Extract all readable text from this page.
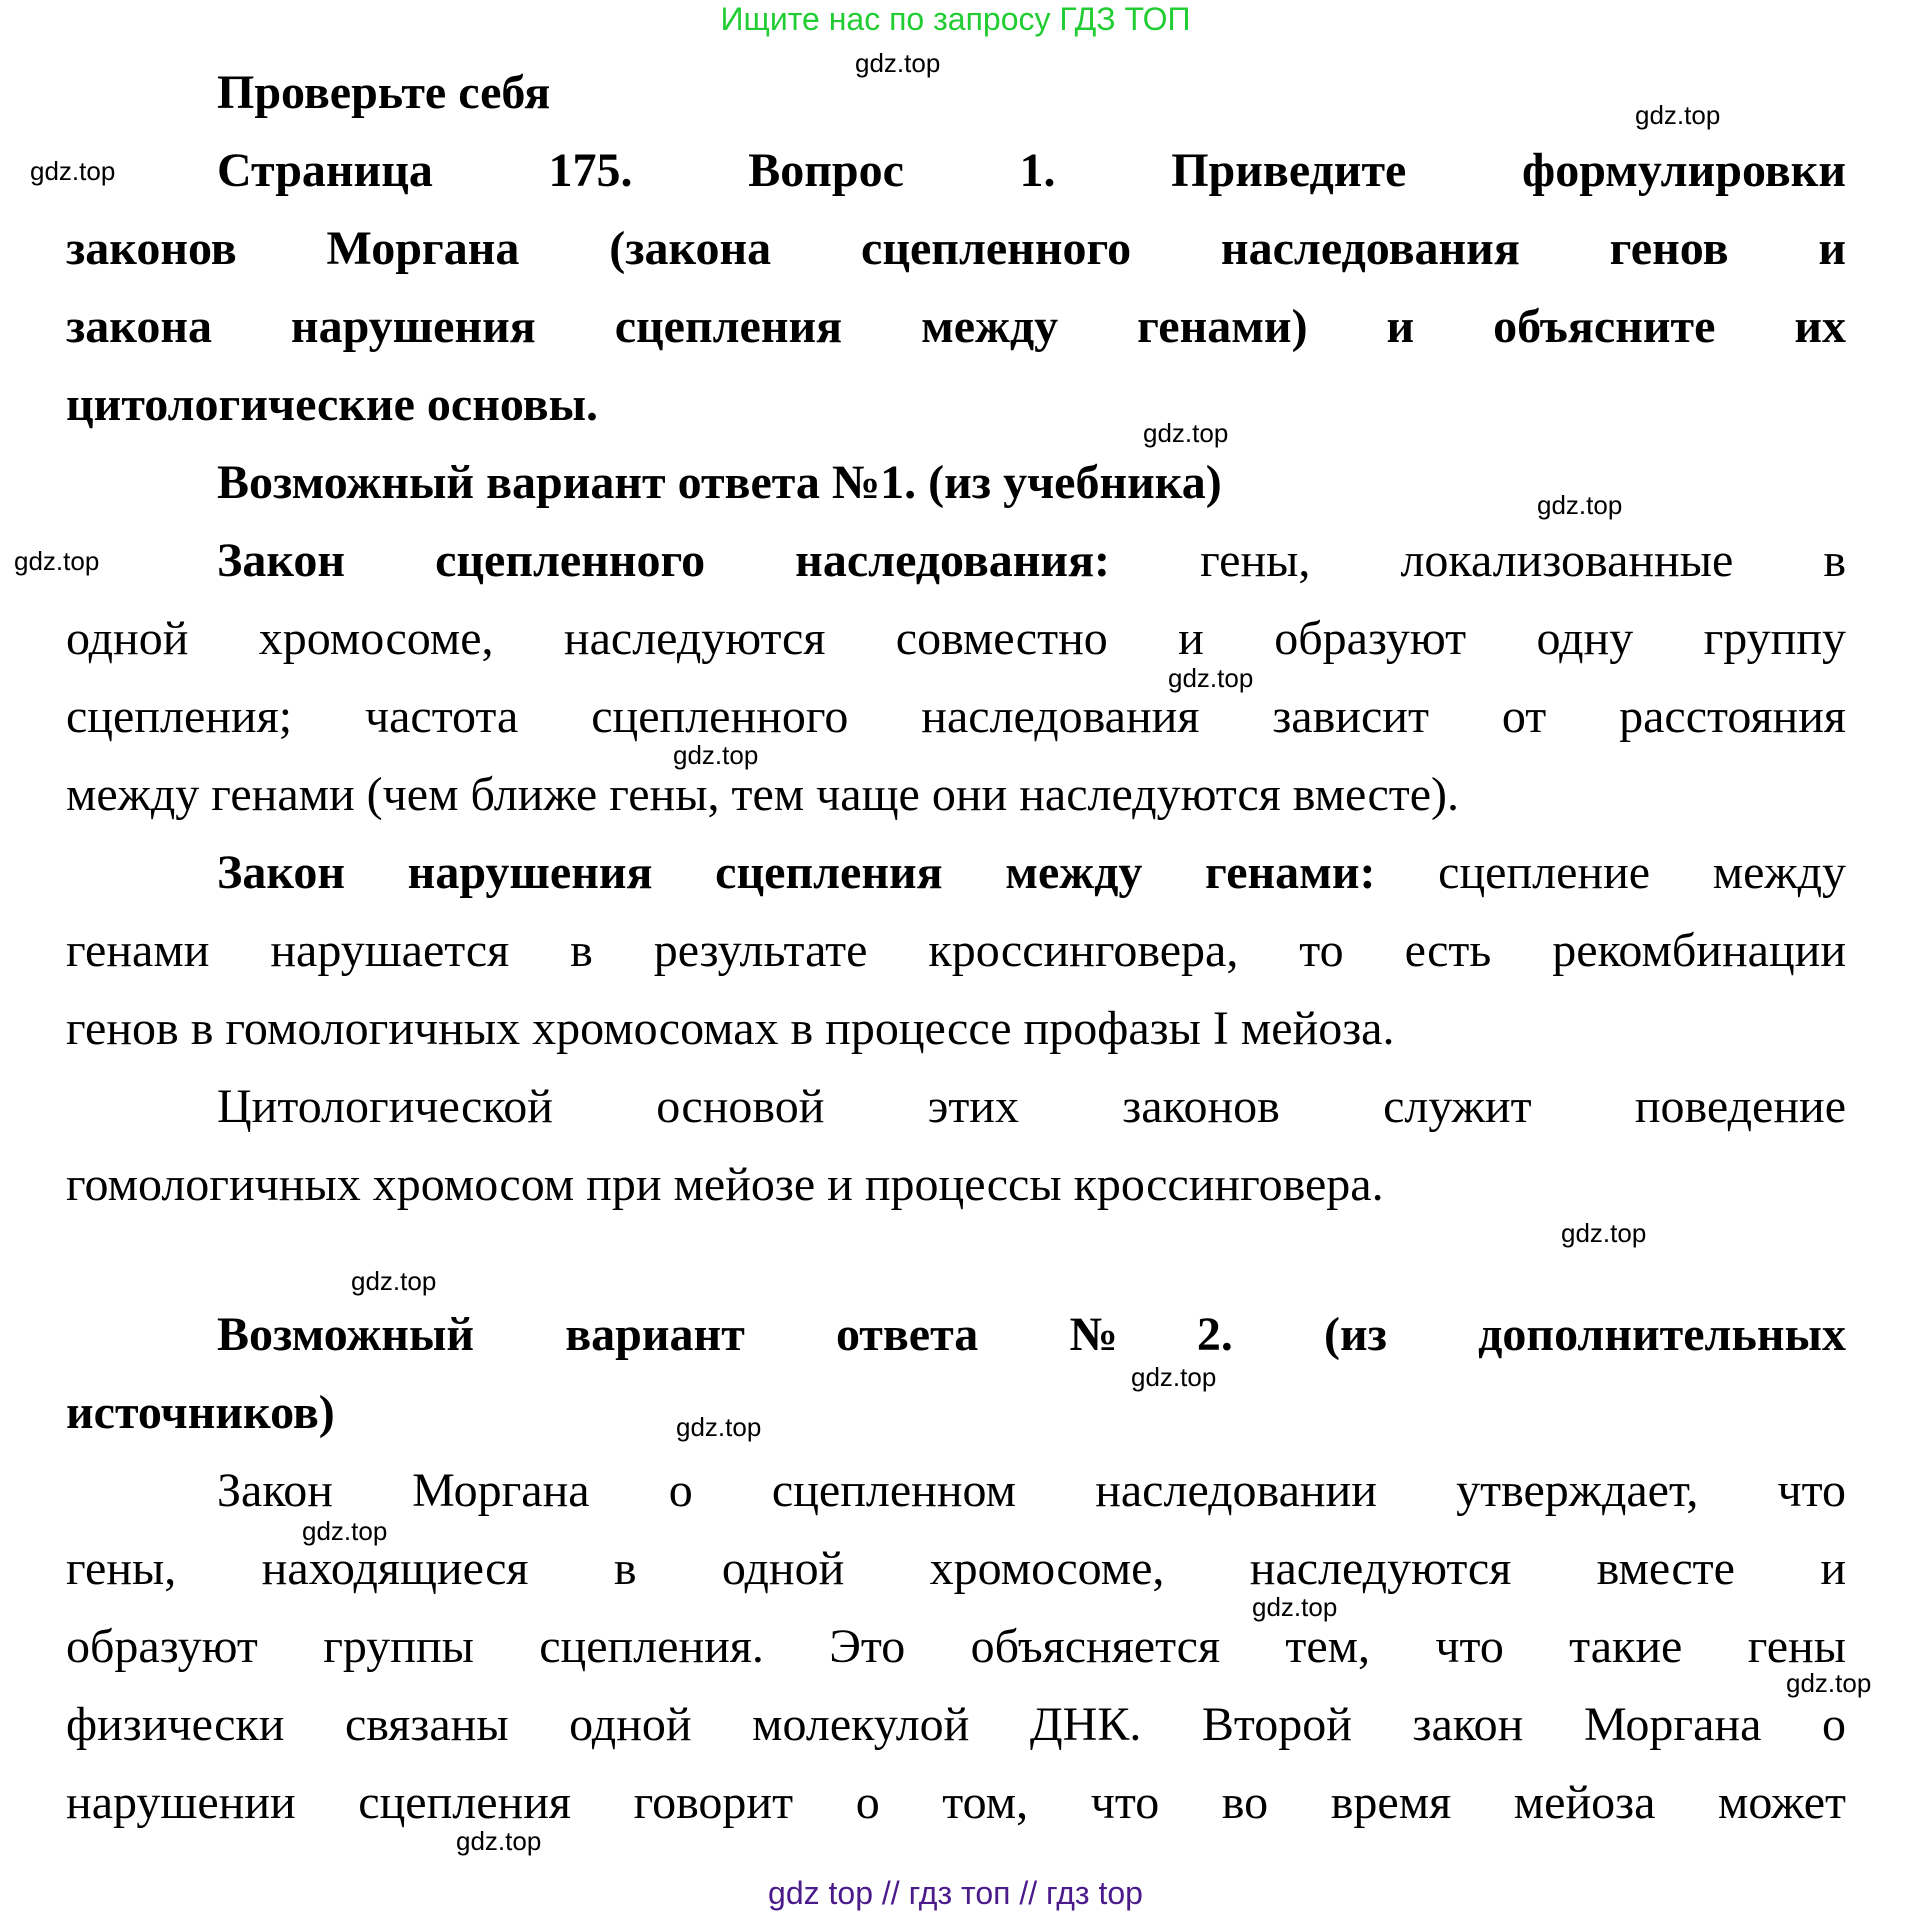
Ищите нас по запросу ГДЗ ТОП
gdz.top
gdz.top
gdz.top
gdz.top
gdz.top
gdz.top
gdz.top
gdz.top
gdz.top
gdz.top
gdz.top
gdz.top
gdz.top
gdz.top
gdz.top
gdz.top
Проверьте себя
Страница 175. Вопрос 1. Приведите формулировки
законов Моргана (закона сцепленного наследования генов и
закона нарушения сцепления между генами) и объясните их
цитологические основы.
Возможный вариант ответа №1. (из учебника)
Закон сцепленного наследования: гены, локализованные в
одной хромосоме, наследуются совместно и образуют одну группу
сцепления; частота сцепленного наследования зависит от расстояния
между генами (чем ближе гены, тем чаще они наследуются вместе).
Закон нарушения сцепления между генами: сцепление между
генами нарушается в результате кроссинговера, то есть рекомбинации
генов в гомологичных хромосомах в процессе профазы I мейоза.
Цитологической основой этих законов служит поведение
гомологичных хромосом при мейозе и процессы кроссинговера.
Возможный вариант ответа №2. (из дополнительных
источников)
Закон Моргана о сцепленном наследовании утверждает, что
гены, находящиеся в одной хромосоме, наследуются вместе и
образуют группы сцепления. Это объясняется тем, что такие гены
физически связаны одной молекулой ДНК. Второй закон Моргана о
нарушении сцепления говорит о том, что во время мейоза может
gdz top // гдз топ // гдз top
